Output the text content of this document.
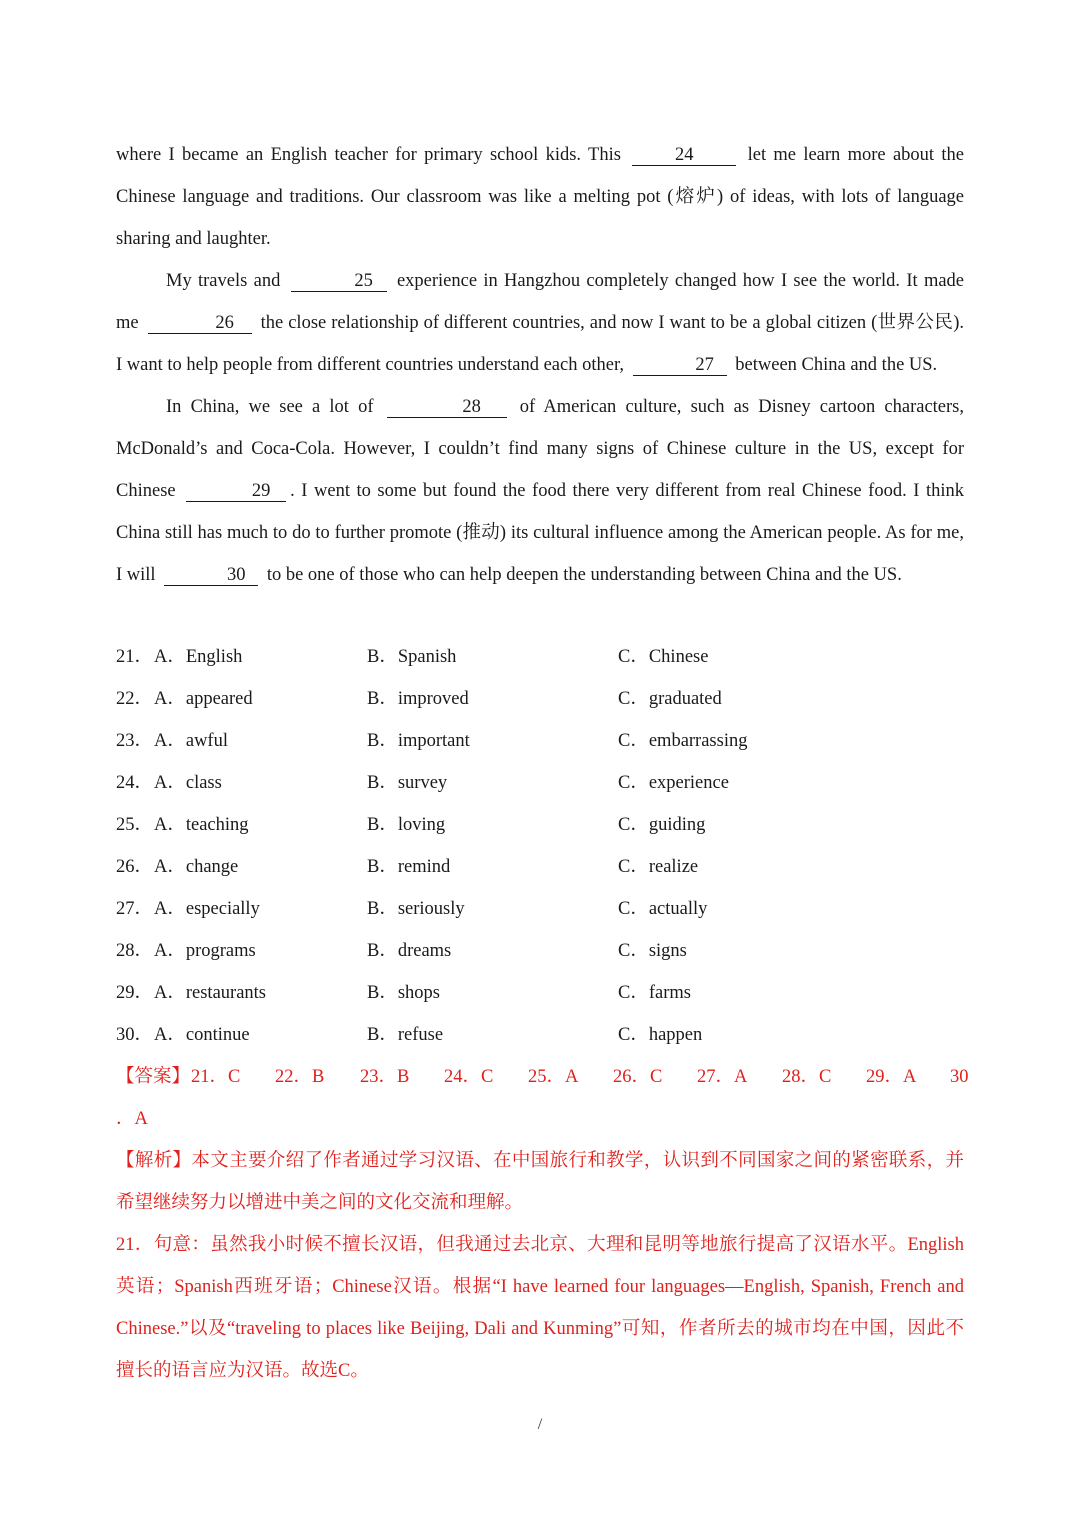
where I became an English teacher for primary school kids. This	24	let me learn more about the Chinese language and traditions. Our classroom was like a melting pot (熔炉) of ideas, with lots of language sharing and laughter.

My travels and	25 experience in Hangzhou completely changed how I see the world. It made me	26 the close relationship of different countries, and now I want to be a global citizen (世界公民). I want to help people from different countries understand each other,	27 between China and the US.

In China, we see a lot of	28 of American culture, such as Disney cartoon characters, McDonald’s and Coca-Cola. However, I couldn’t find many signs of Chinese culture in the US, except for Chinese	29 . I went to some but found the food there very different from real Chinese food. I think China still has much to do to further promote (推动) its cultural influence among the American people. As for me, I will	30 to be one of those who can help deepen the understanding between China and the US.

21． A．English	B．Spanish	C．Chinese
22． A．appeared	B．improved	C．graduated
23． A．awful	B．important	C．embarrassing
24． A．class	B．survey	C．experience
25． A．teaching	B．loving	C．guiding
26． A．change	B．remind	C．realize
27． A．especially	B．seriously	C．actually
28． A．programs	B．dreams	C．signs
29． A．restaurants	B．shops	C．farms
30． A．continue	B．refuse	C．happen
【答案】 21．C 22．B 23．B 24．C 25．A 26．C 27．A 28．C 29．A 30
．A

【解析】本文主要介绍了作者通过学习汉语、在中国旅行和教学，认识到不同国家之间的紧密联系，并希望继续努力以增进中美之间的文化交流和理解。

21．句意：虽然我小时候不擅长汉语，但我通过去北京、大理和昆明等地旅行提高了汉语水平。English英语；Spanish西班牙语；Chinese汉语。根据“I have learned four languages—English, Spanish, French and Chinese.”以及“traveling to places like Beijing, Dali and Kunming”可知，作者所去的城市均在中国，因此不擅长的语言应为汉语。故选C。

/
